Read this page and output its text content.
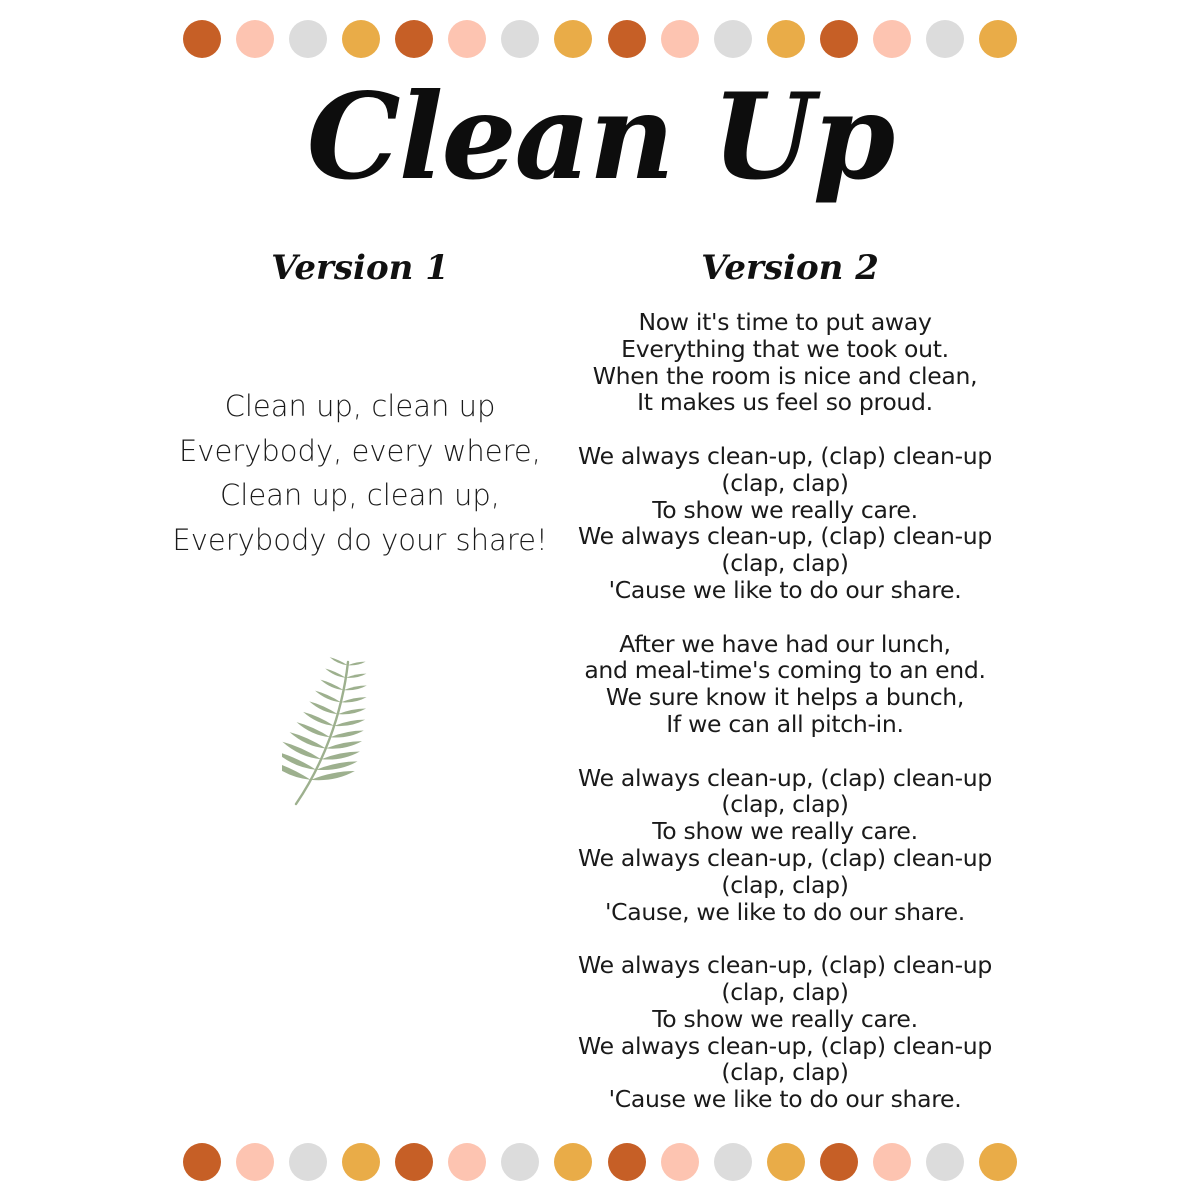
Clean Up
Version 1	Version 2
Clean up, clean up
Everybody, every where,
Clean up, clean up,
Everybody do your share!
Now it's time to put away
Everything that we took out.
When the room is nice and clean,
It makes us feel so proud.
We always clean-up, (clap) clean-up
(clap, clap)
To show we really care.
We always clean-up, (clap) clean-up
(clap, clap)
'Cause we like to do our share.
After we have had our lunch,
and meal-time's coming to an end.
We sure know it helps a bunch,
If we can all pitch-in.
We always clean-up, (clap) clean-up
(clap, clap)
To show we really care.
We always clean-up, (clap) clean-up
(clap, clap)
'Cause, we like to do our share.
We always clean-up, (clap) clean-up
(clap, clap)
To show we really care.
We always clean-up, (clap) clean-up
(clap, clap)
'Cause we like to do our share.
